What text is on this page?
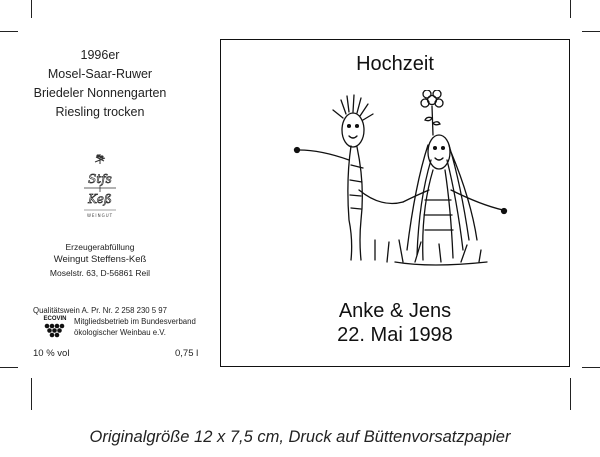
1996er
Mosel-Saar-Ruwer
Briedeler Nonnengarten
Riesling trocken
Stfs
Keß
WEINGUT
Erzeugerabfüllung
Weingut Steffens-Keß
Moselstr. 63, D-56861 Reil
Qualitätswein A. Pr. Nr. 2 258 230 5 97
ECOVIN Mitgliedsbetrieb im Bundesverband
ökologischer Weinbau e.V.
10 % vol	0,75 l
Hochzeit
Anke & Jens
22. Mai 1998
Originalgröße 12 x 7,5 cm, Druck auf Büttenvorsatzpapier
